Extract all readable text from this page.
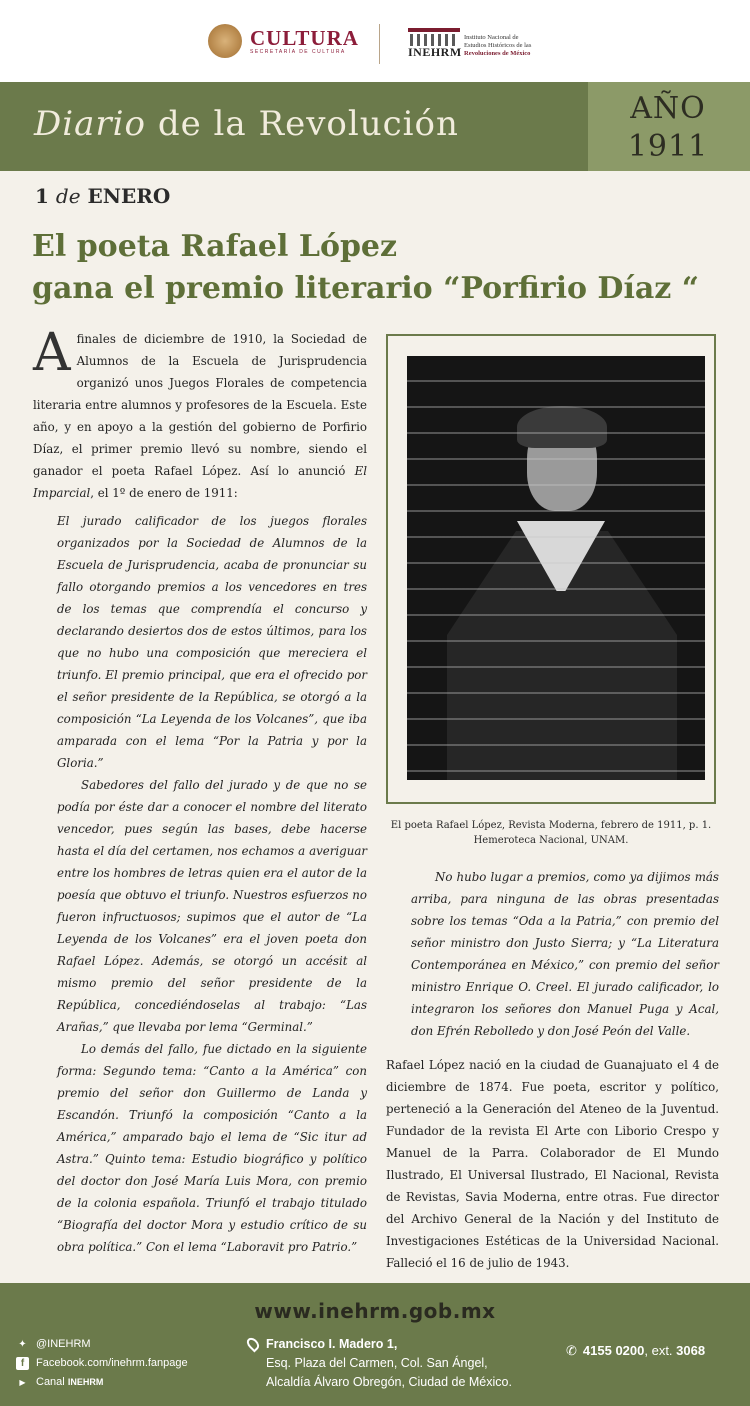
CULTURA
SECRETARÍA DE CULTURA	INEHRM
Instituto Nacional de
Estudios Históricos de las
Revoluciones de México
Diario de la Revolución	AÑO
1911
1 de ENERO
El poeta Rafael López
gana el premio literario “Porfirio Díaz “

Afinales de diciembre de 1910, la Sociedad de Alumnos de la Escuela de Jurisprudencia organizó unos Juegos Florales de competencia literaria entre alumnos y profesores de la Escuela. Este año, y en apoyo a la gestión del gobierno de Porfirio Díaz, el primer premio llevó su nombre, siendo el ganador el poeta Rafael López. Así lo anunció El Imparcial, el 1º de enero de 1911:

El jurado calificador de los juegos florales organizados por la Sociedad de Alumnos de la Escuela de Jurisprudencia, acaba de pronunciar su fallo otorgando premios a los vencedores en tres de los temas que comprendía el concurso y declarando desiertos dos de estos últimos, para los que no hubo una composición que mereciera el triunfo. El premio principal, que era el ofrecido por el señor presidente de la República, se otorgó a la composición “La Leyenda de los Volcanes”, que iba amparada con el lema “Por la Patria y por la Gloria.”

Sabedores del fallo del jurado y de que no se podía por éste dar a conocer el nombre del literato vencedor, pues según las bases, debe hacerse hasta el día del certamen, nos echamos a averiguar entre los hombres de letras quien era el autor de la poesía que obtuvo el triunfo. Nuestros esfuerzos no fueron infructuosos; supimos que el autor de “La Leyenda de los Volcanes” era el joven poeta don Rafael López. Además, se otorgó un accésit al mismo premio del señor presidente de la República, concediéndoselas al trabajo: “Las Arañas,” que llevaba por lema “Germinal.”

Lo demás del fallo, fue dictado en la siguiente forma: Segundo tema: “Canto a la América” con premio del señor don Guillermo de Landa y Escandón. Triunfó la composición “Canto a la América,” amparado bajo el lema de “Sic itur ad Astra.” Quinto tema: Estudio biográfico y político del doctor don José María Luis Mora, con premio de la colonia española. Triunfó el trabajo titulado “Biografía del doctor Mora y estudio crítico de su obra política.” Con el lema “Laboravit pro Patrio.”

El poeta Rafael López, Revista Moderna, febrero de 1911, p. 1.
Hemeroteca Nacional, UNAM.

No hubo lugar a premios, como ya dijimos más arriba, para ninguna de las obras presentadas sobre los temas “Oda a la Patria,” con premio del señor ministro don Justo Sierra; y “La Literatura Contemporánea en México,” con premio del señor ministro Enrique O. Creel. El jurado calificador, lo integraron los señores don Manuel Puga y Acal, don Efrén Rebolledo y don José Peón del Valle.

Rafael López nació en la ciudad de Guanajuato el 4 de diciembre de 1874. Fue poeta, escritor y político, perteneció a la Generación del Ateneo de la Juventud. Fundador de la revista El Arte con Liborio Crespo y Manuel de la Parra. Colaborador de El Mundo Ilustrado, El Universal Ilustrado, El Nacional, Revista de Revistas, Savia Moderna, entre otras. Fue director del Archivo General de la Nación y del Instituto de Investigaciones Estéticas de la Universidad Nacional. Falleció el 16 de julio de 1943.

www.inehrm.gob.mx
✦ @INEHRM
f	Facebook.com/inehrm.fanpage
▶ Canal
INEHRM
Francisco I. Madero 1,
Esq. Plaza del Carmen, Col. San Ángel,
Alcaldía Álvaro Obregón, Ciudad de México.
✆ 4155 0200, ext. 3068
